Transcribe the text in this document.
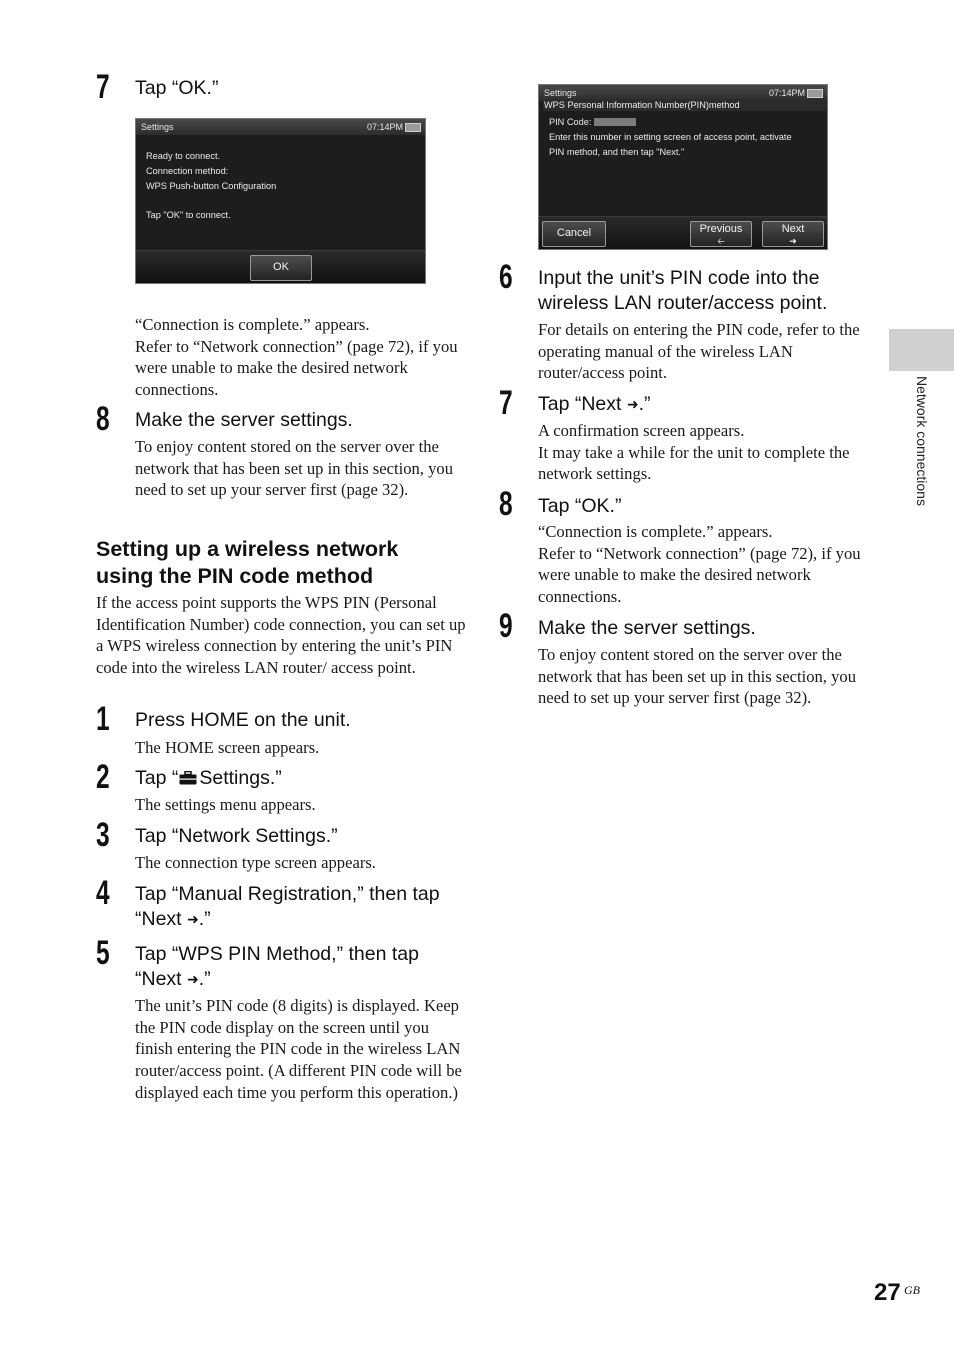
7 Tap “OK.”
Settings	07:14PM
Ready to connect.
Connection method:
WPS Push-button Configuration
Tap "OK" to connect.
OK

“Connection is complete.” appears.

Refer to “Network connection” (page 72), if you were unable to make the desired network connections.

8 Make the server settings.
To enjoy content stored on the server over the network that has been set up in this section, you need to set up your server first (page 32).
Setting up a wireless network using the PIN code method
If the access point supports the WPS PIN (Personal Identification Number) code connection, you can set up a WPS wireless connection by entering the unit’s PIN code into the wireless LAN router/ access point.
1 Press HOME on the unit.
The HOME screen appears.
2 Tap “ Settings.”
The settings menu appears.
3 Tap “Network Settings.”
The connection type screen appears.
4 Tap “Manual Registration,” then tap
“Next ➜.”
5 Tap “WPS PIN Method,” then tap
“Next ➜.”
The unit’s PIN code (8 digits) is displayed. Keep the PIN code display on the screen until you finish entering the PIN code in the wireless LAN router/access point. (A different PIN code will be displayed each time you perform this operation.)
Settings	07:14PM
WPS Personal Information Number(PIN)method
PIN Code:
Enter this number in setting screen of access point, activate
PIN method, and then tap "Next."
Cancel	Previous
🡠
Next
➜
6 Input the unit’s PIN code into the wireless LAN router/access point.
For details on entering the PIN code, refer to the operating manual of the wireless LAN router/access point.
7 Tap “Next ➜.”

A confirmation screen appears.

It may take a while for the unit to complete the network settings.

8 Tap “OK.”

“Connection is complete.” appears.

Refer to “Network connection” (page 72), if you were unable to make the desired network connections.

9 Make the server settings.
To enjoy content stored on the server over the network that has been set up in this section, you need to set up your server first (page 32).
Network connections
27 GB
